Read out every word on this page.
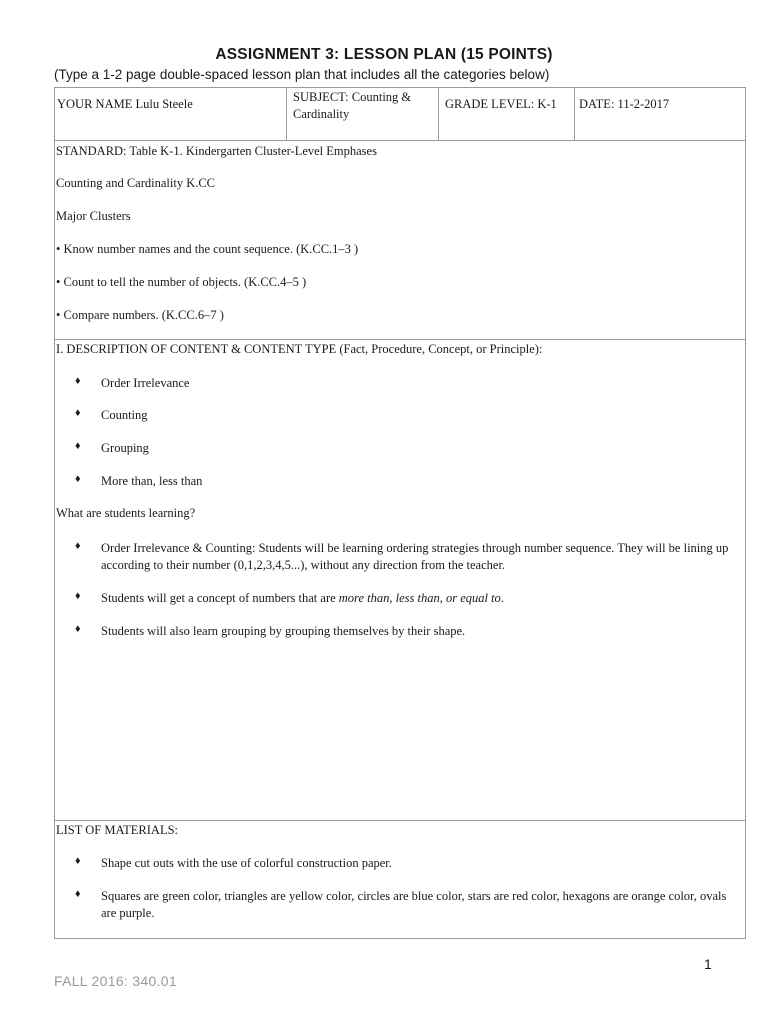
ASSIGNMENT 3: LESSON PLAN (15 POINTS)
(Type a 1-2 page double-spaced lesson plan that includes all the categories below)
YOUR NAME Lulu Steele	SUBJECT: Counting & Cardinality
GRADE LEVEL: K-1	DATE: 11-2-2017
STANDARD: Table K-1. Kindergarten Cluster-Level Emphases
Counting and Cardinality K.CC
Major Clusters
• Know number names and the count sequence. (K.CC.1–3 )
• Count to tell the number of objects. (K.CC.4–5 )
• Compare numbers. (K.CC.6–7 )
I. DESCRIPTION OF CONTENT & CONTENT TYPE (Fact, Procedure, Concept, or Principle):
♦ Order Irrelevance
♦ Counting
♦ Grouping
♦ More than, less than
What are students learning?
♦ Order Irrelevance & Counting: Students will be learning ordering strategies through number sequence. They will be lining up according to their number (0,1,2,3,4,5...), without any direction from the teacher.
♦ Students will get a concept of numbers that are more than, less than, or equal to.
♦ Students will also learn grouping by grouping themselves by their shape.
LIST OF MATERIALS:
♦ Shape cut outs with the use of colorful construction paper.
♦ Squares are green color, triangles are yellow color, circles are blue color, stars are red color, hexagons are orange color, ovals are purple.
1
FALL 2016: 340.01
